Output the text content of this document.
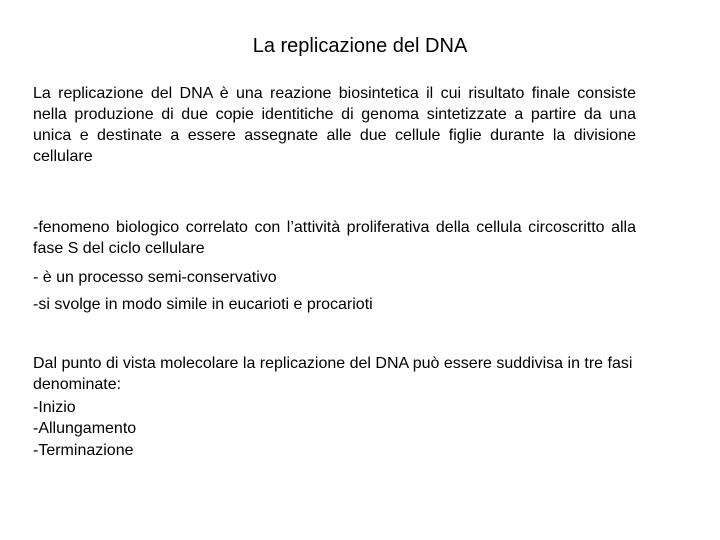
La replicazione del DNA

La replicazione del DNA è una reazione biosintetica il cui risultato finale consiste nella produzione di due copie identitiche di genoma sintetizzate a partire da una unica e destinate a essere assegnate alle due cellule figlie durante la divisione cellulare

-fenomeno biologico correlato con l’attività proliferativa della cellula circoscritto alla fase S del ciclo cellulare

- è un processo semi-conservativo

-si svolge in modo simile in eucarioti e procarioti

Dal punto di vista molecolare la replicazione del DNA può essere suddivisa in tre fasi denominate:

-Inizio

-Allungamento

-Terminazione
